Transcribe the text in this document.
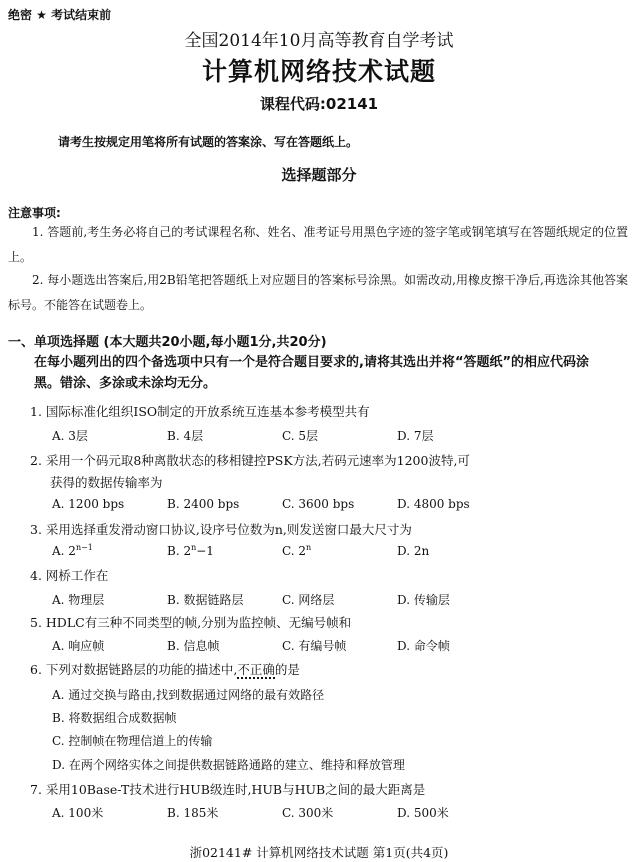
绝密 ★ 考试结束前
全国2014年10月高等教育自学考试
计算机网络技术试题
课程代码:02141
请考生按规定用笔将所有试题的答案涂、写在答题纸上。
选择题部分
注意事项:
1. 答题前,考生务必将自己的考试课程名称、姓名、准考证号用黑色字迹的签字笔或钢笔填写在答题纸规定的位置上。
2. 每小题选出答案后,用2B铅笔把答题纸上对应题目的答案标号涂黑。如需改动,用橡皮擦干净后,再选涂其他答案标号。不能答在试题卷上。
一、单项选择题 (本大题共20小题,每小题1分,共20分)
在每小题列出的四个备选项中只有一个是符合题目要求的,请将其选出并将“答题纸”的相应代码涂黑。错涂、多涂或未涂均无分。
1. 国际标准化组织ISO制定的开放系统互连基本参考模型共有
A. 3层	B. 4层	C. 5层	D. 7层
2. 采用一个码元取8种离散状态的移相键控PSK方法,若码元速率为1200波特,可
获得的数据传输率为
A. 1200 bps	B. 2400 bps	C. 3600 bps	D. 4800 bps
3. 采用选择重发滑动窗口协议,设序号位数为n,则发送窗口最大尺寸为
A. $2^{n-1}$	B. $2^n-1$	C. 2$^n$	D. 2n
4. 网桥工作在
A. 物理层	B. 数据链路层	C. 网络层	D. 传输层
5. HDLC有三种不同类型的帧,分别为监控帧、无编号帧和
A. 响应帧	B. 信息帧	C. 有编号帧	D. 命令帧
6. 下列对数据链路层的功能的描述中,不正确的是
A. 通过交换与路由,找到数据通过网络的最有效路径
B. 将数据组合成数据帧
C. 控制帧在物理信道上的传输
D. 在两个网络实体之间提供数据链路通路的建立、维持和释放管理
7. 采用10Base-T技术进行HUB级连时,HUB与HUB之间的最大距离是
A. 100米	B. 185米	C. 300米	D. 500米
浙02141# 计算机网络技术试题 第1页(共4页)
